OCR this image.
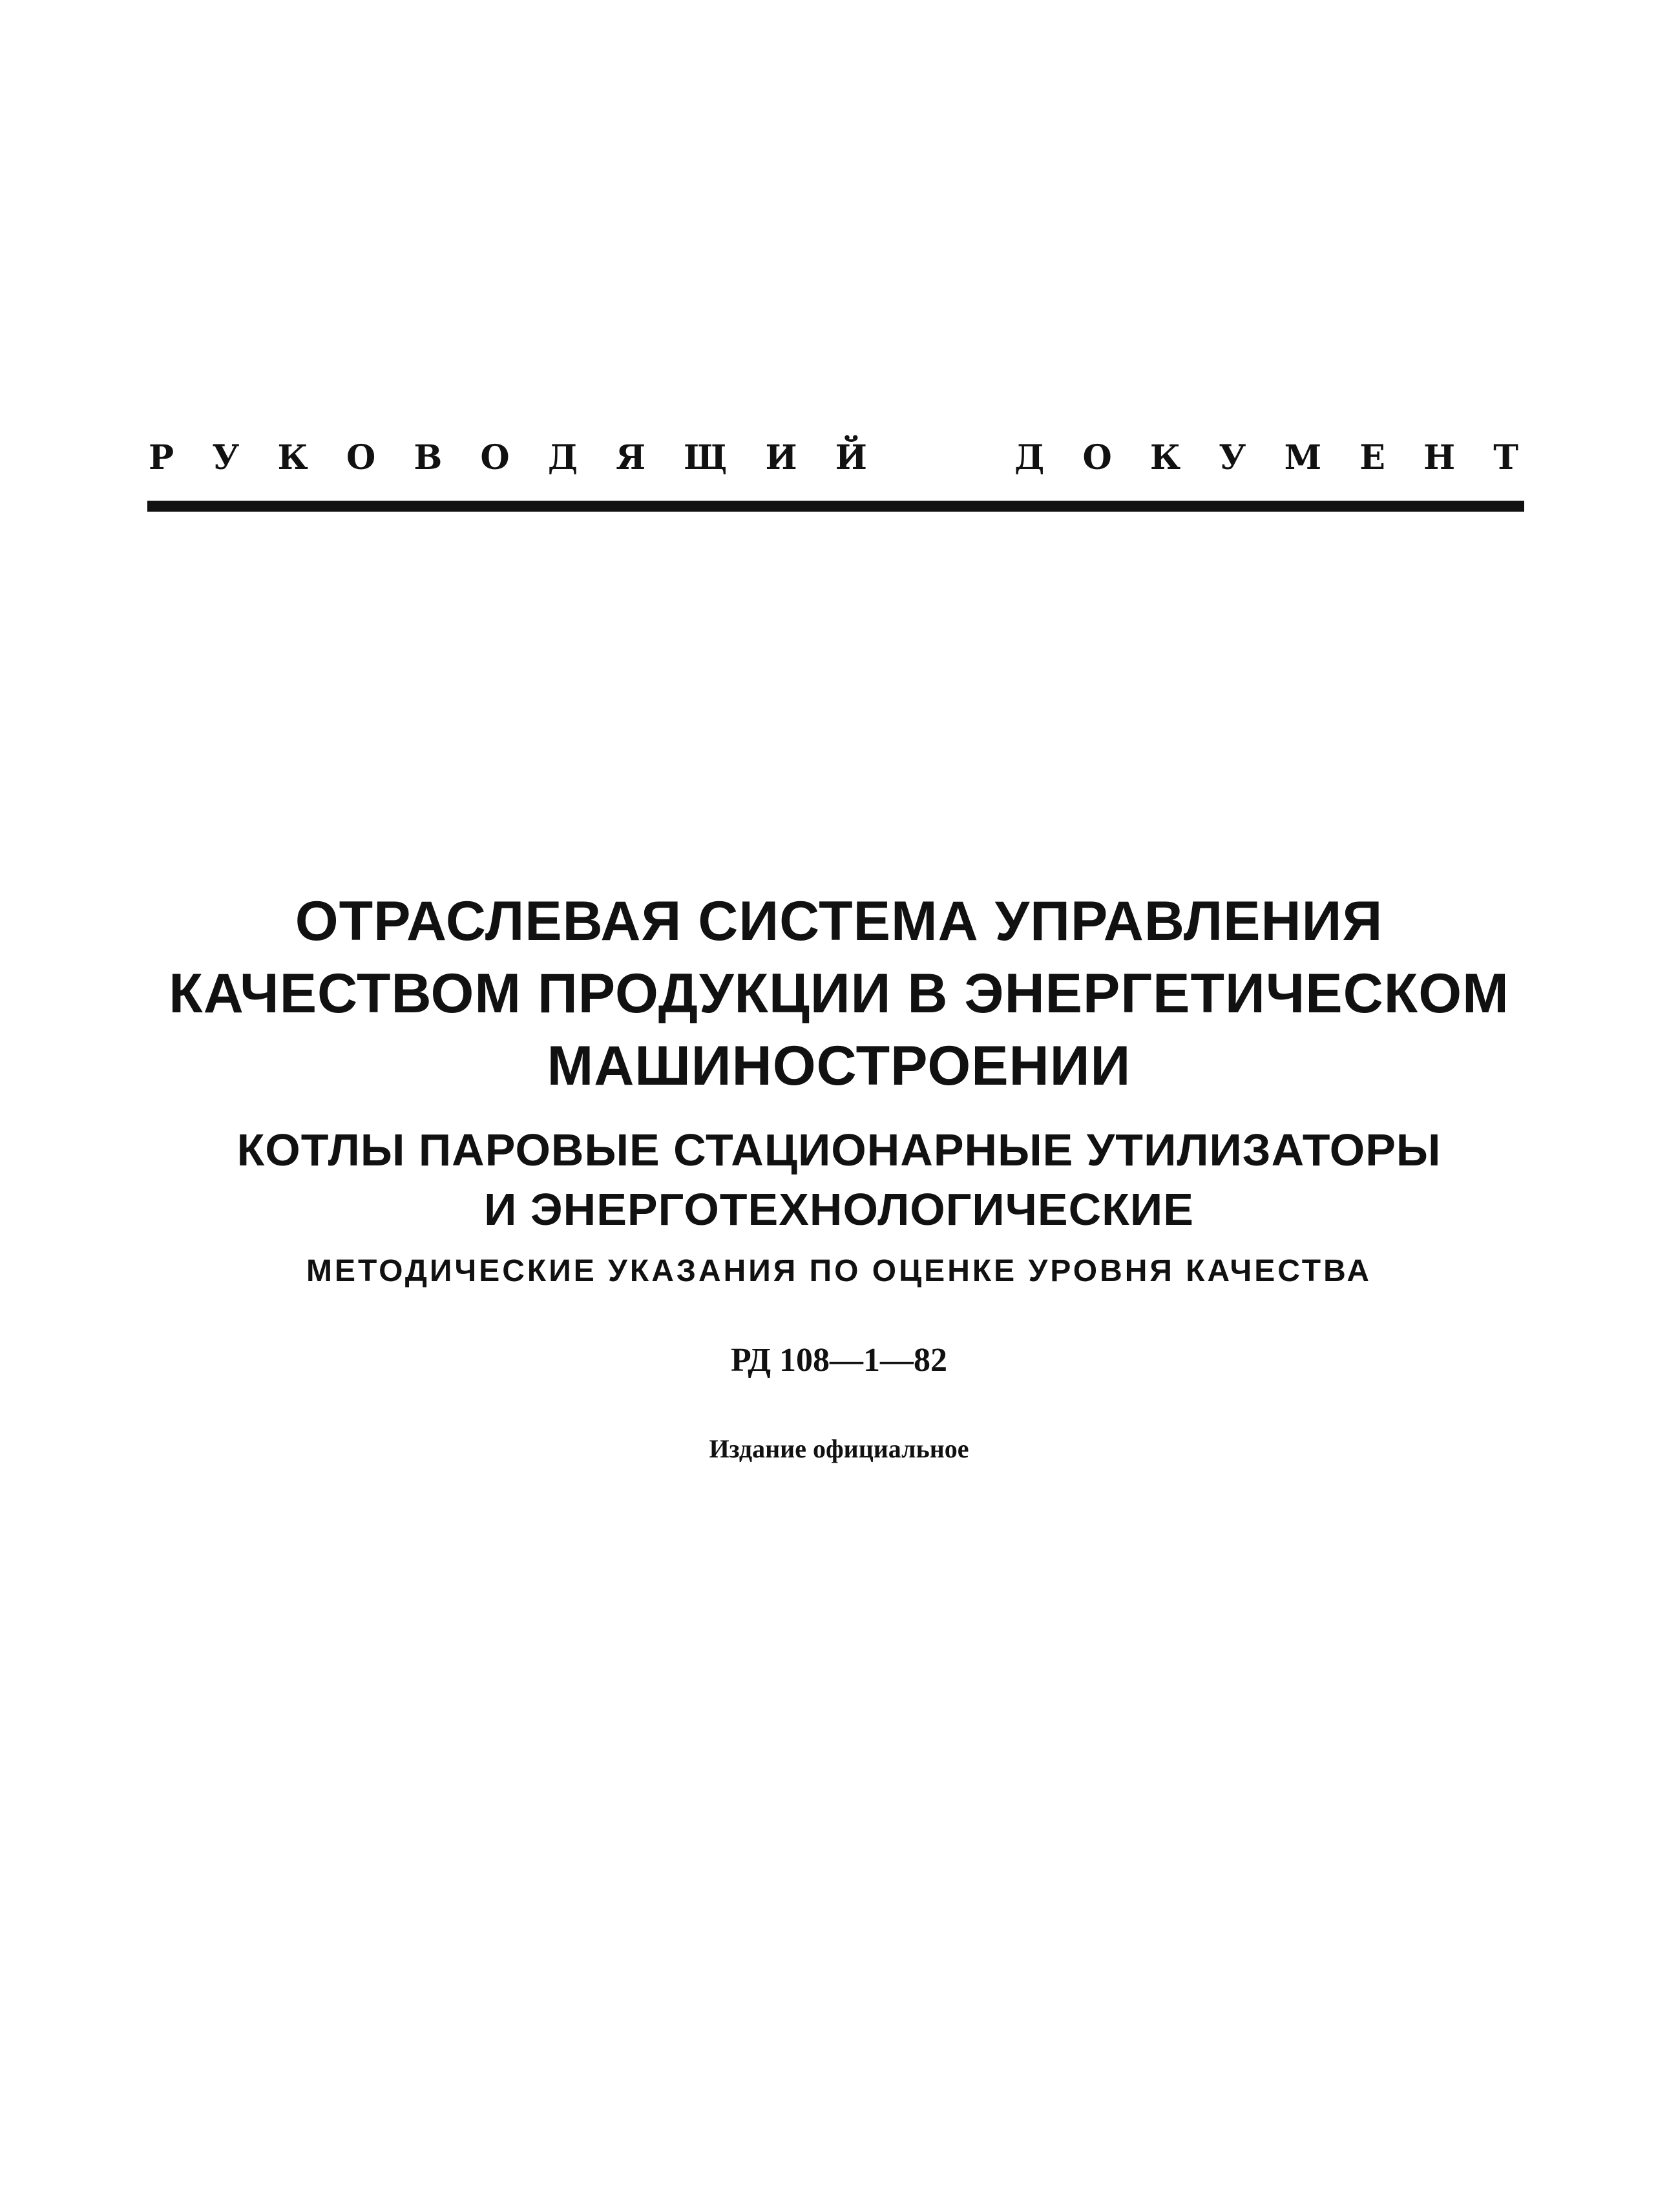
Р У К О В О Д Я Щ И Й	Д О К У М Е Н Т
ОТРАСЛЕВАЯ СИСТЕМА УПРАВЛЕНИЯ
КАЧЕСТВОМ ПРОДУКЦИИ В ЭНЕРГЕТИЧЕСКОМ
МАШИНОСТРОЕНИИ
КОТЛЫ ПАРОВЫЕ СТАЦИОНАРНЫЕ УТИЛИЗАТОРЫ
И ЭНЕРГОТЕХНОЛОГИЧЕСКИЕ

МЕТОДИЧЕСКИЕ УКАЗАНИЯ ПО ОЦЕНКЕ УРОВНЯ КАЧЕСТВА

РД 108—1—82

Издание официальное
